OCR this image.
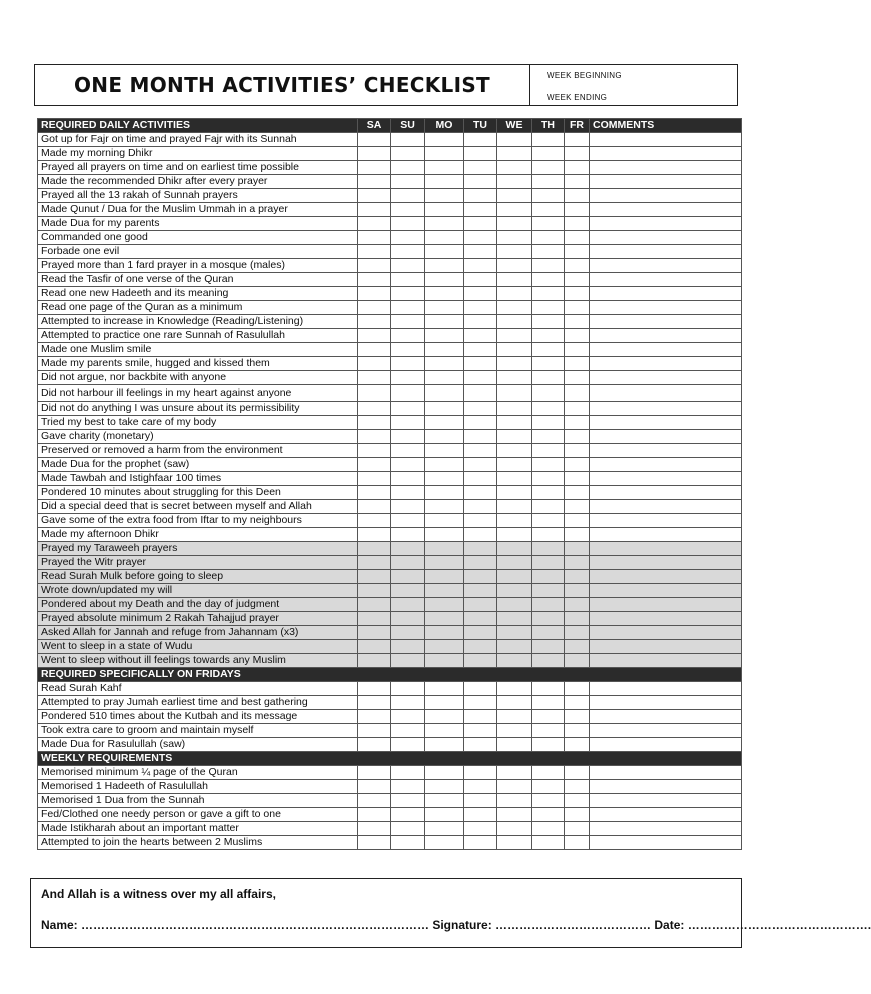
ONE MONTH ACTIVITIES’ CHECKLIST	WEEK BEGINNING
WEEK ENDING
REQUIRED DAILY ACTIVITIES	SA	SU	MO	TU	WE	TH	FR	COMMENTS
Got up for Fajr on time and prayed Fajr with its Sunnah								
Made my morning Dhikr								
Prayed all prayers on time and on earliest time possible								
Made the recommended Dhikr after every prayer								
Prayed all the 13 rakah of Sunnah prayers								
Made Qunut / Dua for the Muslim Ummah in a prayer								
Made Dua for my parents								
Commanded one good								
Forbade one evil								
Prayed more than 1 fard prayer in a mosque (males)								
Read the Tasfir of one verse of the Quran								
Read one new Hadeeth and its meaning								
Read one page of the Quran as a minimum								
Attempted to increase in Knowledge (Reading/Listening)								
Attempted to practice one rare Sunnah of Rasulullah								
Made one Muslim smile								
Made my parents smile, hugged and kissed them								
Did not argue, nor backbite with anyone								
Did not harbour ill feelings in my heart against anyone								
Did not do anything I was unsure about its permissibility								
Tried my best to take care of my body								
Gave charity (monetary)								
Preserved or removed a harm from the environment								
Made Dua for the prophet (saw)								
Made Tawbah and Istighfaar 100 times								
Pondered 10 minutes about struggling for this Deen								
Did a special deed that is secret between myself and Allah								
Gave some of the extra food from Iftar to my neighbours								
Made my afternoon Dhikr								
Prayed my Taraweeh prayers								
Prayed the Witr prayer								
Read Surah Mulk before going to sleep								
Wrote down/updated my will								
Pondered about my Death and the day of judgment								
Prayed absolute minimum 2 Rakah Tahajjud prayer								
Asked Allah for Jannah and refuge from Jahannam (x3)								
Went to sleep in a state of Wudu								
Went to sleep without ill feelings towards any Muslim								
REQUIRED SPECIFICALLY ON FRIDAYS								
Read Surah Kahf								
Attempted to pray Jumah earliest time and best gathering								
Pondered 510 times about the Kutbah and its message								
Took extra care to groom and maintain myself								
Made Dua for Rasulullah (saw)								
WEEKLY REQUIREMENTS								
Memorised minimum ¼ page of the Quran								
Memorised 1 Hadeeth of Rasulullah								
Memorised 1 Dua from the Sunnah								
Fed/Clothed one needy person or gave a gift to one								
Made Istikharah about an important matter								
Attempted to join the hearts between 2 Muslims								
And Allah is a witness over my all affairs,
Name: …………………………………………………………………………… Signature: ………………………………… Date: ……………………………………….
